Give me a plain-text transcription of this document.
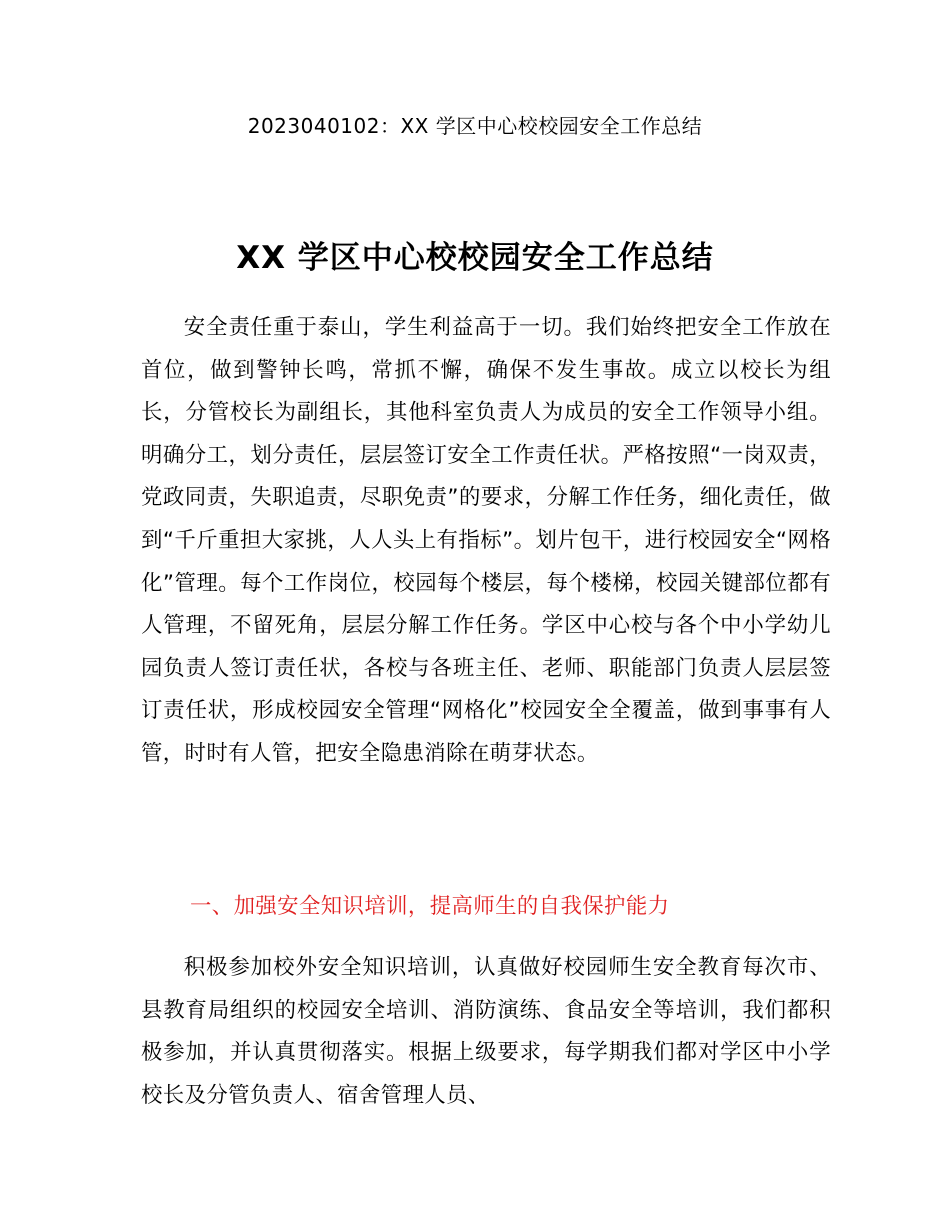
2023040102：XX 学区中心校校园安全工作总结
XX 学区中心校校园安全工作总结

安全责任重于泰山，学生利益高于一切。我们始终把安全工作放在首位，做到警钟长鸣，常抓不懈，确保不发生事故。成立以校长为组长，分管校长为副组长，其他科室负责人为成员的安全工作领导小组。明确分工，划分责任，层层签订安全工作责任状。严格按照“一岗双责，党政同责，失职追责，尽职免责”的要求，分解工作任务，细化责任，做到“千斤重担大家挑，人人头上有指标”。划片包干，进行校园安全“网格化”管理。每个工作岗位，校园每个楼层，每个楼梯，校园关键部位都有人管理，不留死角，层层分解工作任务。学区中心校与各个中小学幼儿园负责人签订责任状，各校与各班主任、老师、职能部门负责人层层签订责任状，形成校园安全管理“网格化”校园安全全覆盖，做到事事有人管，时时有人管，把安全隐患消除在萌芽状态。

一、加强安全知识培训，提高师生的自我保护能力

积极参加校外安全知识培训，认真做好校园师生安全教育每次市、县教育局组织的校园安全培训、消防演练、食品安全等培训，我们都积极参加，并认真贯彻落实。根据上级要求，每学期我们都对学区中小学校长及分管负责人、宿舍管理人员、
